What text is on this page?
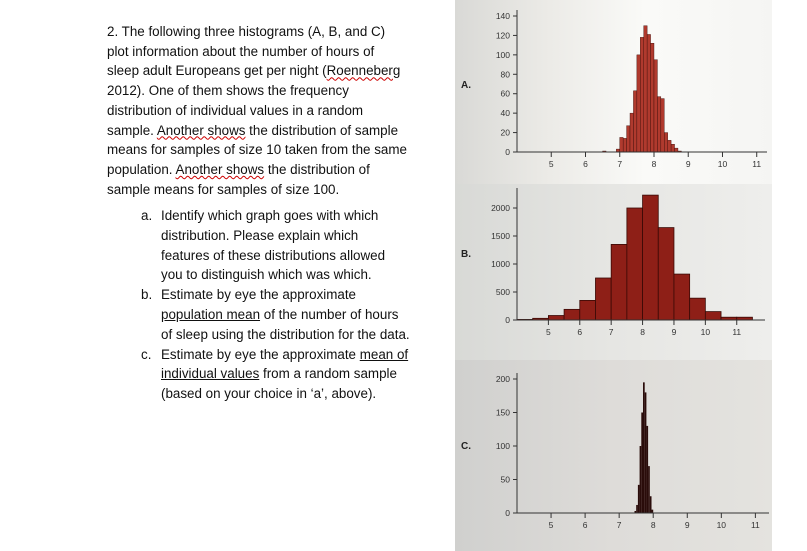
2. The following three histograms (A, B, and C)
plot information about the number of hours of
sleep adult Europeans get per night (Roenneberg
2012). One of them shows the frequency
distribution of individual values in a random
sample. Another shows the distribution of sample
means for samples of size 10 taken from the same
population. Another shows the distribution of
sample means for samples of size 100.
a. Identify which graph goes with which
distribution. Please explain which
features of these distributions allowed
you to distinguish which was which.
b. Estimate by eye the approximate
population mean of the number of hours
of sleep using the distribution for the data.
c. Estimate by eye the approximate mean of
individual values from a random sample
(based on your choice in ‘a’, above).
A.
0
20
40
60
80
100
120
140
5	6	7	8	9	10	11
B.
0
500
1000
1500
2000
5	6	7	8	9	10	11
C.
0
50
100
150
200
5	6	7	8	9	10	11
